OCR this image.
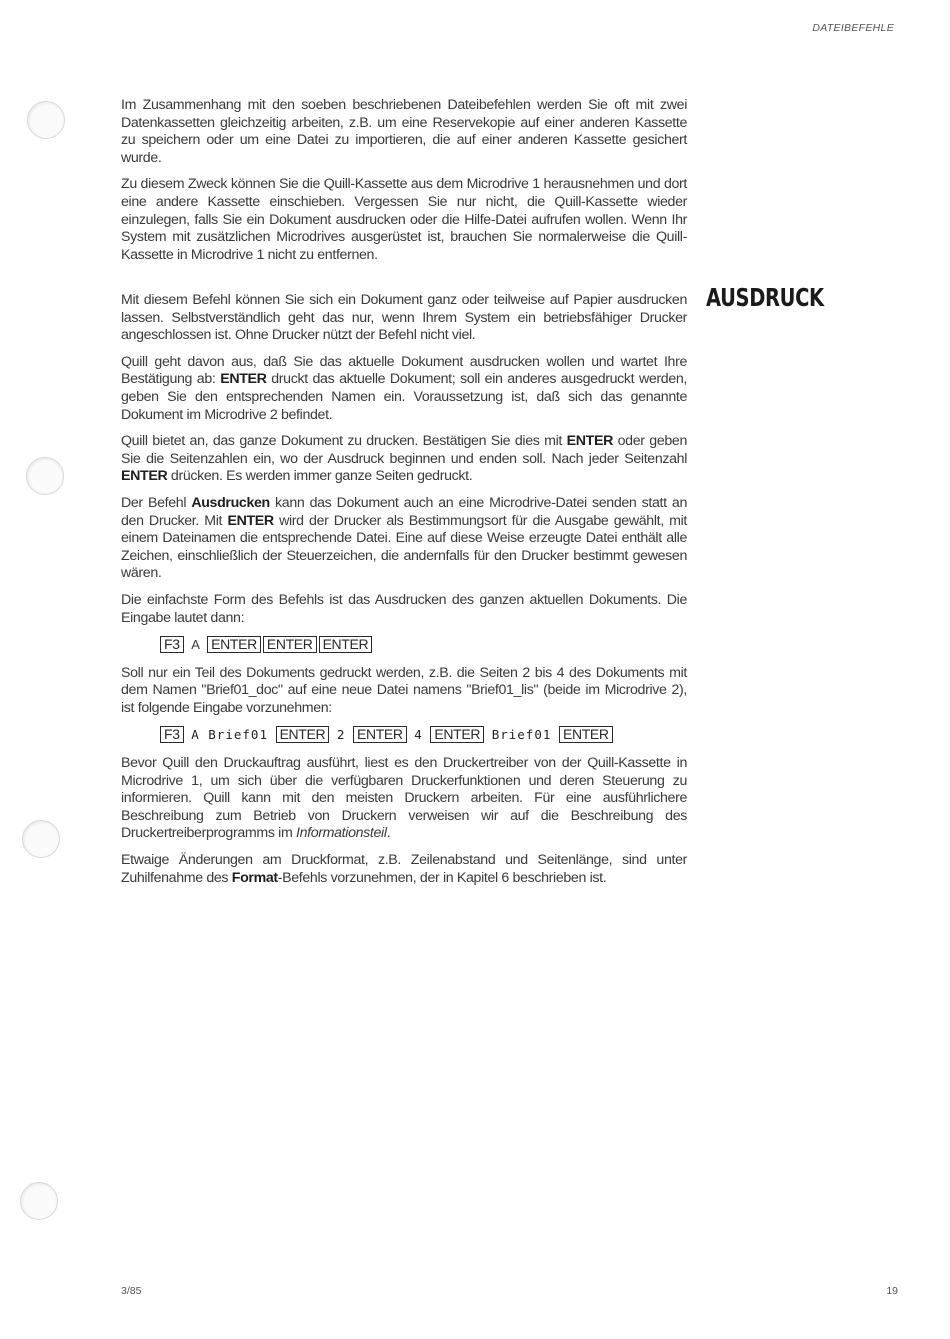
DATEIBEFEHLE

Im Zusammenhang mit den soeben beschriebenen Dateibefehlen werden Sie oft mit zwei Datenkassetten gleichzeitig arbeiten, z.B. um eine Reservekopie auf einer anderen Kassette zu speichern oder um eine Datei zu importieren, die auf einer anderen Kassette gesichert wurde.

Zu diesem Zweck können Sie die Quill-Kassette aus dem Microdrive 1 herausnehmen und dort eine andere Kassette einschieben. Vergessen Sie nur nicht, die Quill-Kassette wieder einzulegen, falls Sie ein Dokument ausdrucken oder die Hilfe-Datei aufrufen wollen. Wenn Ihr System mit zusätzlichen Microdrives ausgerüstet ist, brauchen Sie normalerweise die Quill-Kassette in Microdrive 1 nicht zu entfernen.

AUSDRUCK

Mit diesem Befehl können Sie sich ein Dokument ganz oder teilweise auf Papier ausdrucken lassen. Selbstverständlich geht das nur, wenn Ihrem System ein betriebsfähiger Drucker angeschlossen ist. Ohne Drucker nützt der Befehl nicht viel.

Quill geht davon aus, daß Sie das aktuelle Dokument ausdrucken wollen und wartet Ihre Bestätigung ab: ENTER druckt das aktuelle Dokument; soll ein anderes ausgedruckt werden, geben Sie den entsprechenden Namen ein. Voraussetzung ist, daß sich das genannte Dokument im Microdrive 2 befindet.

Quill bietet an, das ganze Dokument zu drucken. Bestätigen Sie dies mit ENTER oder geben Sie die Seitenzahlen ein, wo der Ausdruck beginnen und enden soll. Nach jeder Seitenzahl ENTER drücken. Es werden immer ganze Seiten gedruckt.

Der Befehl Ausdrucken kann das Dokument auch an eine Microdrive-Datei senden statt an den Drucker. Mit ENTER wird der Drucker als Bestimmungsort für die Ausgabe gewählt, mit einem Dateinamen die entsprechende Datei. Eine auf diese Weise erzeugte Datei enthält alle Zeichen, einschließlich der Steuerzeichen, die andernfalls für den Drucker bestimmt gewesen wären.

Die einfachste Form des Befehls ist das Ausdrucken des ganzen aktuellen Dokuments. Die Eingabe lautet dann:

F3 A ENTER ENTER ENTER

Soll nur ein Teil des Dokuments gedruckt werden, z.B. die Seiten 2 bis 4 des Dokuments mit dem Namen "Brief01_doc" auf eine neue Datei namens "Brief01_lis" (beide im Microdrive 2), ist folgende Eingabe vorzunehmen:

F3 A Brief01 ENTER 2 ENTER 4 ENTER Brief01 ENTER

Bevor Quill den Druckauftrag ausführt, liest es den Druckertreiber von der Quill-Kassette in Microdrive 1, um sich über die verfügbaren Druckerfunktionen und deren Steuerung zu informieren. Quill kann mit den meisten Druckern arbeiten. Für eine ausführlichere Beschreibung zum Betrieb von Druckern verweisen wir auf die Beschreibung des Druckertreiberprogramms im Informationsteil.

Etwaige Änderungen am Druckformat, z.B. Zeilenabstand und Seitenlänge, sind unter Zuhilfenahme des Format-Befehls vorzunehmen, der in Kapitel 6 beschrieben ist.

3/85	19
